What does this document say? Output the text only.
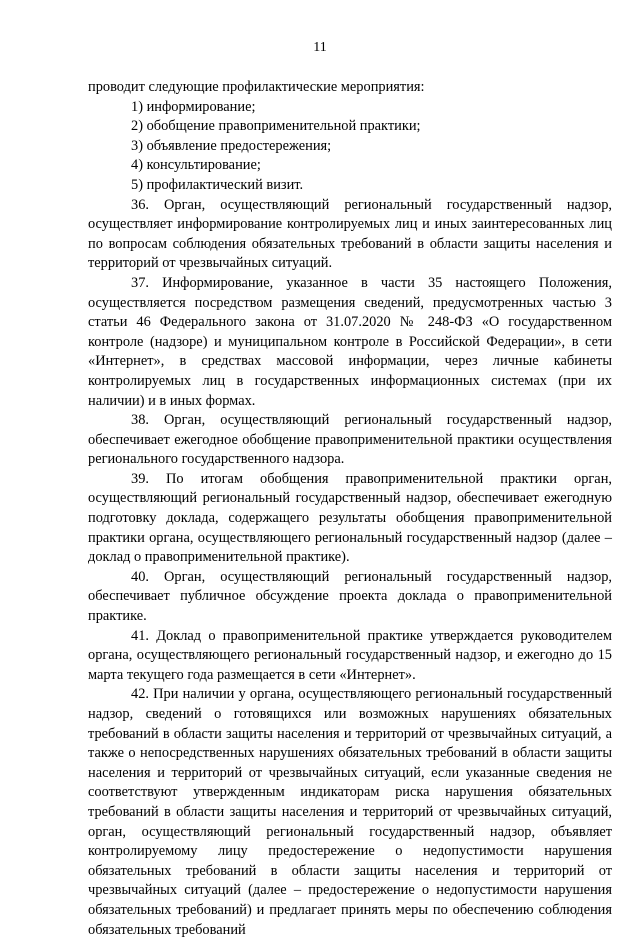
11

проводит следующие профилактические мероприятия:

1) информирование;

2) обобщение правоприменительной практики;

3) объявление предостережения;

4) консультирование;

5) профилактический визит.

36. Орган, осуществляющий региональный государственный надзор, осуществляет информирование контролируемых лиц и иных заинтересованных лиц по вопросам соблюдения обязательных требований в области защиты населения и территорий от чрезвычайных ситуаций.

37. Информирование, указанное в части 35 настоящего Положения, осуществляется посредством размещения сведений, предусмотренных частью 3 статьи 46 Федерального закона от 31.07.2020 № 248-ФЗ «О государственном контроле (надзоре) и муниципальном контроле в Российской Федерации», в сети «Интернет», в средствах массовой информации, через личные кабинеты контролируемых лиц в государственных информационных системах (при их наличии) и в иных формах.

38. Орган, осуществляющий региональный государственный надзор, обеспечивает ежегодное обобщение правоприменительной практики осуществления регионального государственного надзора.

39. По итогам обобщения правоприменительной практики орган, осуществляющий региональный государственный надзор, обеспечивает ежегодную подготовку доклада, содержащего результаты обобщения правоприменительной практики органа, осуществляющего региональный государственный надзор (далее – доклад о правоприменительной практике).

40. Орган, осуществляющий региональный государственный надзор, обеспечивает публичное обсуждение проекта доклада о правоприменительной практике.

41. Доклад о правоприменительной практике утверждается руководителем органа, осуществляющего региональный государственный надзор, и ежегодно до 15 марта текущего года размещается в сети «Интернет».

42. При наличии у органа, осуществляющего региональный государственный надзор, сведений о готовящихся или возможных нарушениях обязательных требований в области защиты населения и территорий от чрезвычайных ситуаций, а также о непосредственных нарушениях обязательных требований в области защиты населения и территорий от чрезвычайных ситуаций, если указанные сведения не соответствуют утвержденным индикаторам риска нарушения обязательных требований в области защиты населения и территорий от чрезвычайных ситуаций, орган, осуществляющий региональный государственный надзор, объявляет контролируемому лицу предостережение о недопустимости нарушения обязательных требований в области защиты населения и территорий от чрезвычайных ситуаций (далее – предостережение о недопустимости нарушения обязательных требований) и предлагает принять меры по обеспечению соблюдения обязательных требований
